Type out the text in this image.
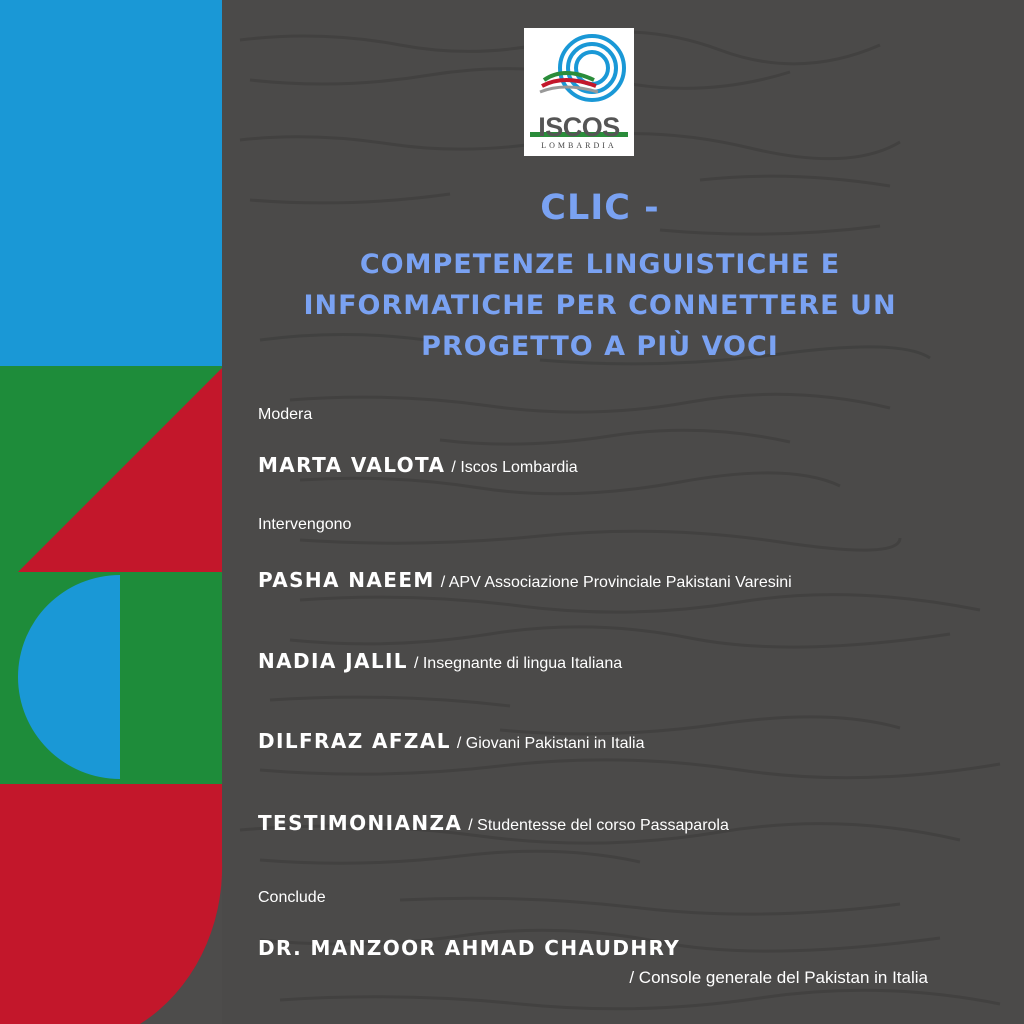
ISCOS
LOMBARDIA
CLIC -
COMPETENZE LINGUISTICHE E
INFORMATICHE PER CONNETTERE UN
PROGETTO A PIÙ VOCI
Modera
MARTA VALOTA / Iscos Lombardia
Intervengono
PASHA NAEEM / APV Associazione Provinciale Pakistani Varesini
NADIA JALIL / Insegnante di lingua Italiana
DILFRAZ AFZAL / Giovani Pakistani in Italia
TESTIMONIANZA / Studentesse del corso Passaparola
Conclude
DR. MANZOOR AHMAD CHAUDHRY
/ Console generale del Pakistan in Italia
